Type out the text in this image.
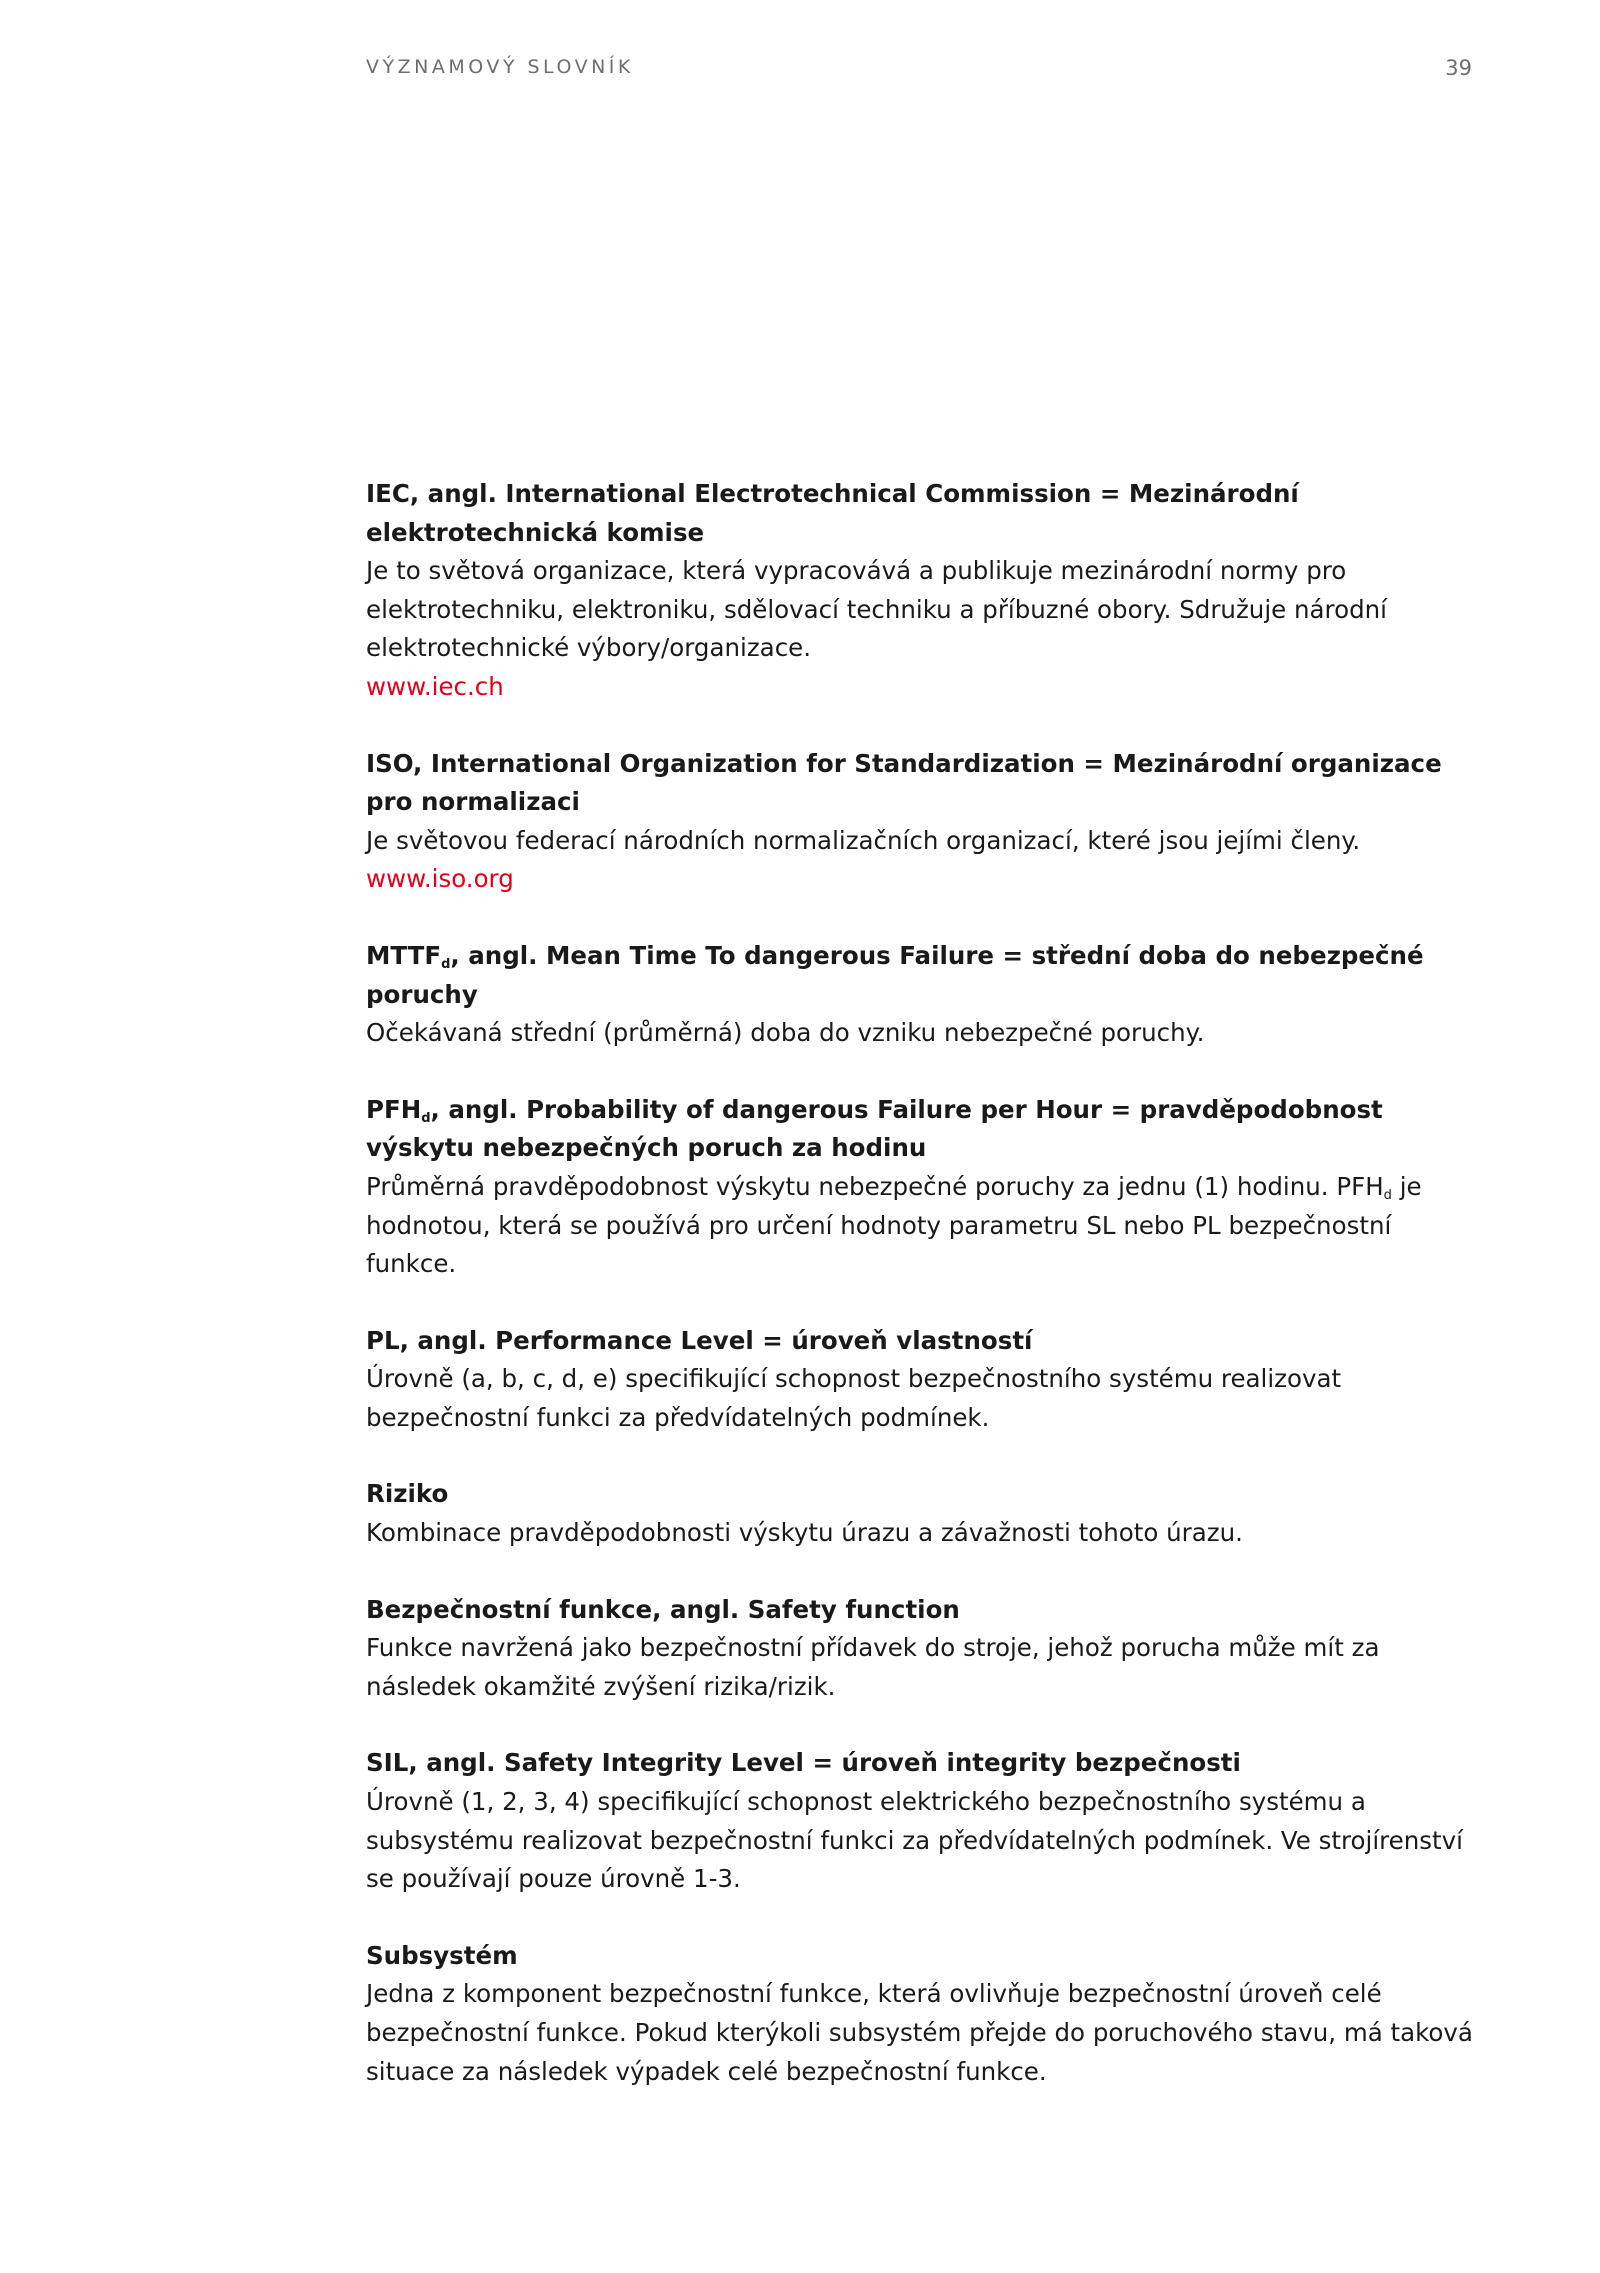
VÝZNAMOVÝ SLOVNÍK	39
IEC, angl. International Electrotechnical Commission = Mezinárodní elektrotechnická komise
Je to světová organizace, která vypracovává a publikuje mezinárodní normy pro elektrotechniku, elektroniku, sdělovací techniku a příbuzné obory. Sdružuje národní elektrotechnické výbory/organizace.
www.iec.ch
ISO, International Organization for Standardization = Mezinárodní organizace pro normalizaci
Je světovou federací národních normalizačních organizací, které jsou jejími členy.
www.iso.org
$MTTF_d$, angl. Mean Time To dangerous Failure = střední doba do nebezpečné poruchy
Očekávaná střední (průměrná) doba do vzniku nebezpečné poruchy.
$PFH_d$, angl. Probability of dangerous Failure per Hour = pravděpodobnost výskytu nebezpečných poruch za hodinu
Průměrná pravděpodobnost výskytu nebezpečné poruchy za jednu (1) hodinu. $PFH_d$ je hodnotou, která se používá pro určení hodnoty parametru SL nebo PL bezpečnostní funkce.
PL, angl. Performance Level = úroveň vlastností
Úrovně (a, b, c, d, e) specifikující schopnost bezpečnostního systému realizovat bezpečnostní funkci za předvídatelných podmínek.
Riziko
Kombinace pravděpodobnosti výskytu úrazu a závažnosti tohoto úrazu.
Bezpečnostní funkce, angl. Safety function
Funkce navržená jako bezpečnostní přídavek do stroje, jehož porucha může mít za následek okamžité zvýšení rizika/rizik.
SIL, angl. Safety Integrity Level = úroveň integrity bezpečnosti
Úrovně (1, 2, 3, 4) specifikující schopnost elektrického bezpečnostního systému a subsystému realizovat bezpečnostní funkci za předvídatelných podmínek. Ve strojírenství se používají pouze úrovně 1-3.
Subsystém
Jedna z komponent bezpečnostní funkce, která ovlivňuje bezpečnostní úroveň celé bezpečnostní funkce. Pokud kterýkoli subsystém přejde do poruchového stavu, má taková situace za následek výpadek celé bezpečnostní funkce.
